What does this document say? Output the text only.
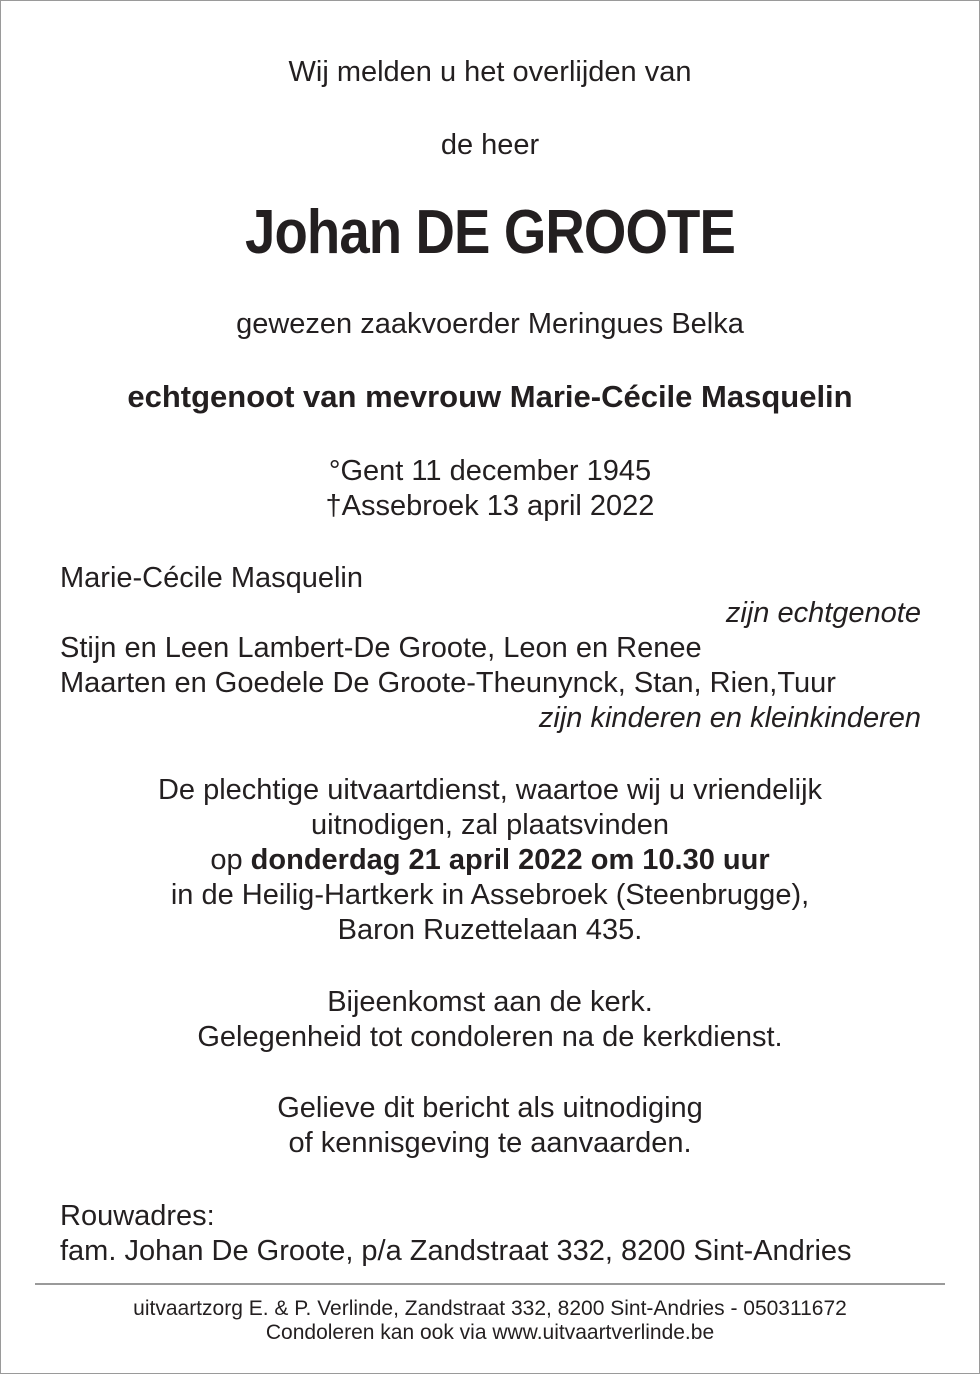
Wij melden u het overlijden van
de heer
Johan DE GROOTE
gewezen zaakvoerder Meringues Belka
echtgenoot van mevrouw Marie-Cécile Masquelin
°Gent 11 december 1945
†Assebroek 13 april 2022
Marie-Cécile Masquelin
zijn echtgenote
Stijn en Leen Lambert-De Groote, Leon en Renee
Maarten en Goedele De Groote-Theunynck, Stan, Rien,Tuur
zijn kinderen en kleinkinderen
De plechtige uitvaartdienst, waartoe wij u vriendelijk
uitnodigen, zal plaatsvinden
op donderdag 21 april 2022 om 10.30 uur
in de Heilig-Hartkerk in Assebroek (Steenbrugge),
Baron Ruzettelaan 435.
Bijeenkomst aan de kerk.
Gelegenheid tot condoleren na de kerkdienst.
Gelieve dit bericht als uitnodiging
of kennisgeving te aanvaarden.
Rouwadres:
fam. Johan De Groote, p/a Zandstraat 332, 8200 Sint-Andries
uitvaartzorg E. & P. Verlinde, Zandstraat 332, 8200 Sint-Andries - 050311672
Condoleren kan ook via www.uitvaartverlinde.be
